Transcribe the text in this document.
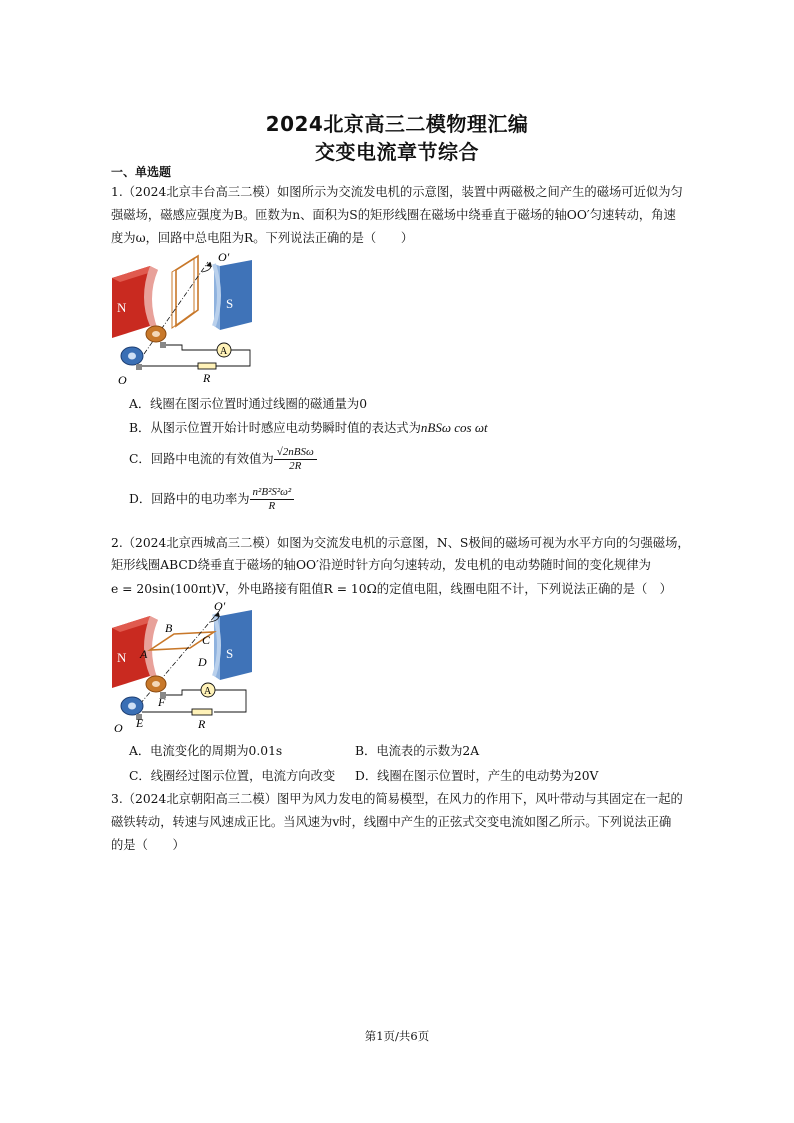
2024北京高三二模物理汇编
交变电流章节综合
一、单选题
1.（2024北京丰台高三二模）如图所示为交流发电机的示意图，装置中两磁极之间产生的磁场可近似为匀
强磁场，磁感应强度为B。匝数为n、面积为S的矩形线圈在磁场中绕垂直于磁场的轴OO′匀速转动，角速
度为ω，回路中总电阻为R。下列说法正确的是（　　）
N	S
O′
A
R
O
A．线圈在图示位置时通过线圈的磁通量为0
B．从图示位置开始计时感应电动势瞬时值的表达式为nBSω cos ωt
C．回路中电流的有效值为 $\frac{\text{√2nBSω}}{2R}$
D．回路中的电功率为 $\frac{\text{n²B²S²ω²}}{R}$
2.（2024北京西城高三二模）如图为交流发电机的示意图，N、S极间的磁场可视为水平方向的匀强磁场，
矩形线圈ABCD绕垂直于磁场的轴OO′沿逆时针方向匀速转动，发电机的电动势随时间的变化规律为
e = 20sin(100πt)V，外电路接有阻值R = 10Ω的定值电阻，线圈电阻不计，下列说法正确的是（　）
N	S
O′
A
B
C
D
F
E
A
R
O
A．电流变化的周期为0.01s	B．电流表的示数为2A
C．线圈经过图示位置，电流方向改变 D．线圈在图示位置时，产生的电动势为20V
3.（2024北京朝阳高三二模）图甲为风力发电的简易模型，在风力的作用下，风叶带动与其固定在一起的
磁铁转动，转速与风速成正比。当风速为v时，线圈中产生的正弦式交变电流如图乙所示。下列说法正确
的是（　　）
第1页/共6页
